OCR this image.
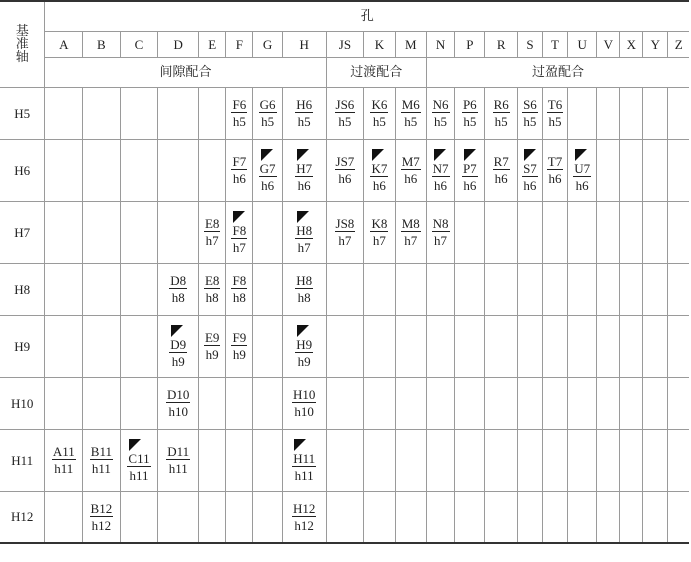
基
准
轴	孔																				
	A	B	C	D	E	F	G	H	JS	K	M	N	P	R	S	T	U	V	X	Y	Z
	间隙配合								过渡配合			过盈配合									
H5						$\frac{F6}{h5}$	$\frac{G6}{h5}$	$\frac{H6}{h5}$	$\frac{JS6}{h5}$	$\frac{K6}{h5}$	$\frac{M6}{h5}$	$\frac{N6}{h5}$	$\frac{P6}{h5}$	$\frac{R6}{h5}$	$\frac{S6}{h5}$	$\frac{T6}{h5}$

H6						$\frac{F7}{h6}$	$\frac{G7}{h6}$	$\frac{H7}{h6}$	$\frac{JS7}{h6}$	$\frac{K7}{h6}$	$\frac{M7}{h6}$	$\frac{N7}{h6}$	$\frac{P7}{h6}$	$\frac{R7}{h6}$	$\frac{S7}{h6}$	$\frac{T7}{h6}$	$\frac{U7}{h6}$

H7					$\frac{E8}{h7}$	$\frac{F8}{h7}$		$\frac{H8}{h7}$	$\frac{JS8}{h7}$	$\frac{K8}{h7}$	$\frac{M8}{h7}$	$\frac{N8}{h7}$

H8				$\frac{D8}{h8}$	$\frac{E8}{h8}$	$\frac{F8}{h8}$		$\frac{H8}{h8}$

H9				$\frac{D9}{h9}$	$\frac{E9}{h9}$	$\frac{F9}{h9}$		$\frac{H9}{h9}$

H10				$\frac{D10}{h10}$				$\frac{H10}{h10}$

H11	$\frac{A11}{h11}$	$\frac{B11}{h11}$	$\frac{C11}{h11}$	$\frac{D11}{h11}$				$\frac{H11}{h11}$

H12		$\frac{B12}{h12}$						$\frac{H12}{h12}$
